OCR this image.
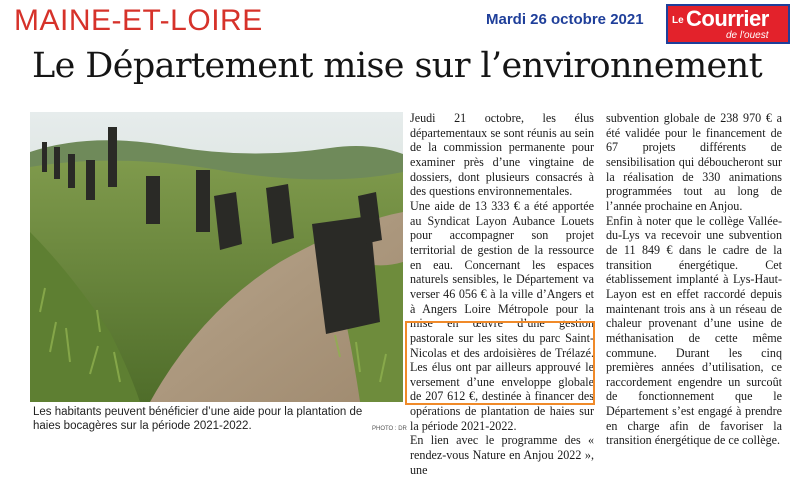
MAINE-ET-LOIRE	Mardi 26 octobre 2021	Le Courrier
de l'ouest
Le Département mise sur l’environnement
Les habitants peuvent bénéficier d’une aide pour la plantation de haies bocagères sur la période 2021-2022.	PHOTO : DR

Jeudi 21 octobre, les élus départementaux se sont réunis au sein de la commission permanente pour examiner près d’une vingtaine de dossiers, dont plusieurs consacrés à des questions environnementales.

Une aide de 13 333 € a été apportée au Syndicat Layon Aubance Louets pour accompagner son projet territorial de gestion de la ressource en eau. Concernant les espaces naturels sensibles, le Département va verser 46 056 € à la ville d’Angers et à Angers Loire Métropole pour la mise en œuvre d’une gestion pastorale sur les sites du parc Saint-Nicolas et des ardoisières de Trélazé. Les élus ont par ailleurs approuvé le versement d’une enveloppe globale de 207 612 €, destinée à financer des opérations de plantation de haies sur la période 2021-2022.

En lien avec le programme des « rendez-vous Nature en Anjou 2022 », une

subvention globale de 238 970 € a été validée pour le financement de 67 projets différents de sensibilisation qui déboucheront sur la réalisation de 330 animations programmées tout au long de l’année prochaine en Anjou.

Enfin à noter que le collège Vallée-du-Lys va recevoir une subvention de 11 849 € dans le cadre de la transition énergétique. Cet établissement implanté à Lys-Haut-Layon est en effet raccordé depuis maintenant trois ans à un réseau de chaleur provenant d’une usine de méthanisation de cette même commune. Durant les cinq premières années d’utilisation, ce raccordement engendre un surcoût de fonctionnement que le Département s’est engagé à prendre en charge afin de favoriser la transition énergétique de ce collège.
